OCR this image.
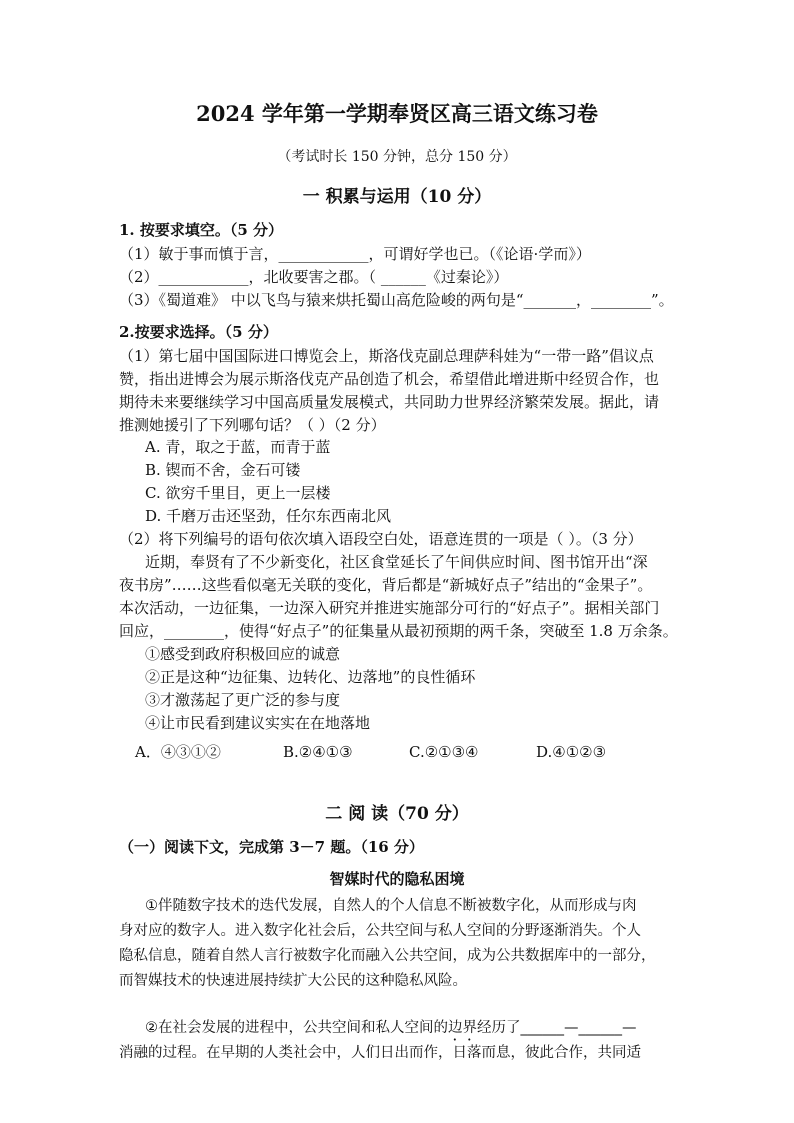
2024 学年第一学期奉贤区高三语文练习卷
（考试时长 150 分钟，总分 150 分）
一 积累与运用（10 分）
1. 按要求填空。（5 分）
（1）敏于事而慎于言，____________，可谓好学也已。（《论语·学而》）
（2）____________，北收要害之郡。（ ______《过秦论》）
（3）《蜀道难》 中以飞鸟与猿来烘托蜀山高危险峻的两句是“_______，________”。
2.按要求选择。（5 分）
（1）第七届中国国际进口博览会上，斯洛伐克副总理萨科娃为“一带一路”倡议点
赞，指出进博会为展示斯洛伐克产品创造了机会，希望借此增进斯中经贸合作，也
期待未来要继续学习中国高质量发展模式，共同助力世界经济繁荣发展。据此，请
推测她援引了下列哪句话？（ ）（2 分）
A. 青，取之于蓝，而青于蓝
B. 锲而不舍，金石可镂
C. 欲穷千里目，更上一层楼
D. 千磨万击还坚劲，任尔东西南北风
（2）将下列编号的语句依次填入语段空白处，语意连贯的一项是（ ）。（3 分）
近期，奉贤有了不少新变化，社区食堂延长了午间供应时间、图书馆开出“深
夜书房”……这些看似毫无关联的变化，背后都是“新城好点子”结出的“金果子”。
本次活动，一边征集，一边深入研究并推进实施部分可行的“好点子”。据相关部门
回应，________，使得“好点子”的征集量从最初预期的两千条，突破至 1.8 万余条。
①感受到政府积极回应的诚意
②正是这种“边征集、边转化、边落地”的良性循环
③才激荡起了更广泛的参与度
④让市民看到建议实实在在地落地
A．④③①②	B.②④①③	C.②①③④	D.④①②③
二 阅 读（70 分）
（一）阅读下文，完成第 3－7 题。（16 分）
智媒时代的隐私困境
①伴随数字技术的迭代发展，自然人的个人信息不断被数字化，从而形成与肉
身对应的数字人。进入数字化社会后，公共空间与私人空间的分野逐渐消失。个人
隐私信息，随着自然人言行被数字化而融入公共空间，成为公共数据库中的一部分，
而智媒技术的快速进展持续扩大公民的这种隐私风险。
②在社会发展的进程中，公共空间和私人空间的边界经历了______—______—
消融的过程。在早期的人类社会中，人们日出而作，日落而息，彼此合作，共同适
